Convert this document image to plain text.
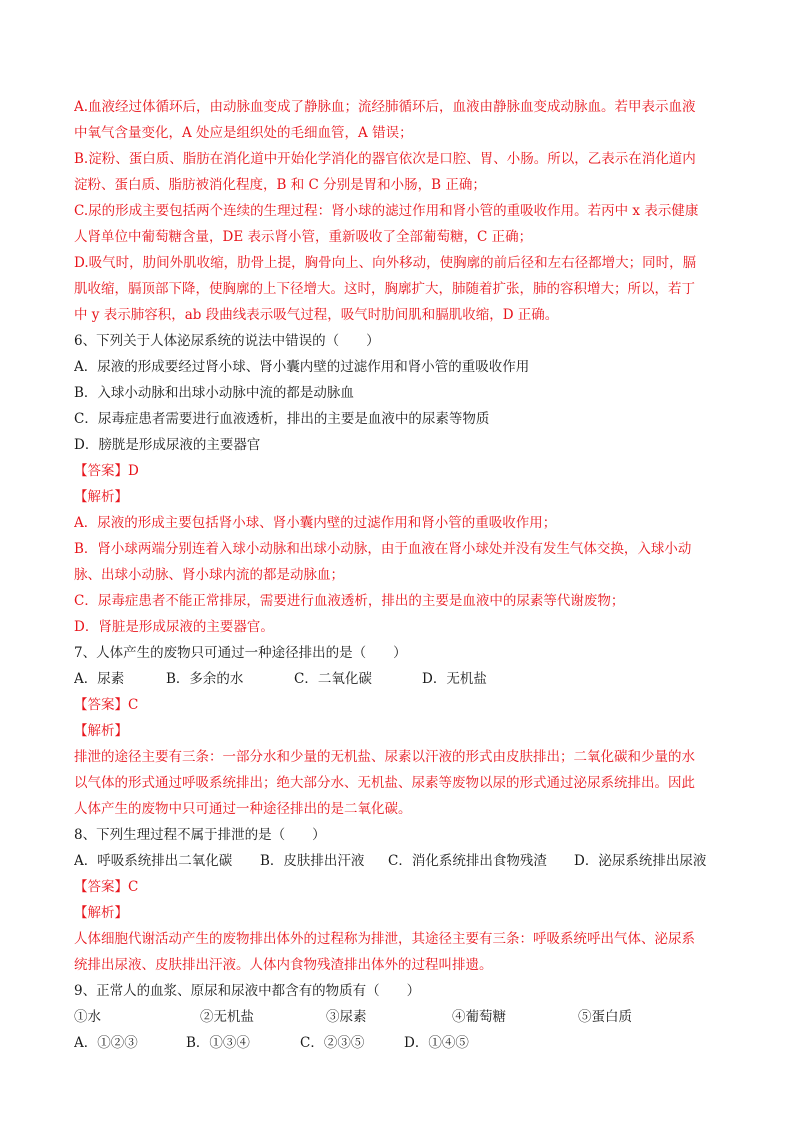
A.血液经过体循环后，由动脉血变成了静脉血；流经肺循环后，血液由静脉血变成动脉血。若甲表示血液
中氧气含量变化，A 处应是组织处的毛细血管，A 错误；
B.淀粉、蛋白质、脂肪在消化道中开始化学消化的器官依次是口腔、胃、小肠。所以，乙表示在消化道内
淀粉、蛋白质、脂肪被消化程度，B 和 C 分别是胃和小肠，B 正确；
C.尿的形成主要包括两个连续的生理过程：肾小球的滤过作用和肾小管的重吸收作用。若丙中 x 表示健康
人肾单位中葡萄糖含量，DE 表示肾小管，重新吸收了全部葡萄糖，C 正确；
D.吸气时，肋间外肌收缩，肋骨上提，胸骨向上、向外移动，使胸廓的前后径和左右径都增大；同时，膈
肌收缩，膈顶部下降，使胸廓的上下径增大。这时，胸廓扩大，肺随着扩张，肺的容积增大；所以，若丁
中 y 表示肺容积，ab 段曲线表示吸气过程，吸气时肋间肌和膈肌收缩，D 正确。
6、下列关于人体泌尿系统的说法中错误的（　　）
A．尿液的形成要经过肾小球、肾小囊内壁的过滤作用和肾小管的重吸收作用
B．入球小动脉和出球小动脉中流的都是动脉血
C．尿毒症患者需要进行血液透析，排出的主要是血液中的尿素等物质
D．膀胱是形成尿液的主要器官
【答案】D
【解析】
A．尿液的形成主要包括肾小球、肾小囊内壁的过滤作用和肾小管的重吸收作用；
B．肾小球两端分别连着入球小动脉和出球小动脉，由于血液在肾小球处并没有发生气体交换，入球小动
脉、出球小动脉、肾小球内流的都是动脉血；
C．尿毒症患者不能正常排尿，需要进行血液透析，排出的主要是血液中的尿素等代谢废物；
D．肾脏是形成尿液的主要器官。
7、人体产生的废物只可通过一种途径排出的是（　　）
A．尿素	B．多余的水	C．二氧化碳	D．无机盐
【答案】C
【解析】
排泄的途径主要有三条：一部分水和少量的无机盐、尿素以汗液的形式由皮肤排出；二氧化碳和少量的水
以气体的形式通过呼吸系统排出；绝大部分水、无机盐、尿素等废物以尿的形式通过泌尿系统排出。因此
人体产生的废物中只可通过一种途径排出的是二氧化碳。
8、下列生理过程不属于排泄的是（　　）
A．呼吸系统排出二氧化碳	B．皮肤排出汗液	C．消化系统排出食物残渣	D．泌尿系统排出尿液
【答案】C
【解析】
人体细胞代谢活动产生的废物排出体外的过程称为排泄，其途径主要有三条：呼吸系统呼出气体、泌尿系
统排出尿液、皮肤排出汗液。人体内食物残渣排出体外的过程叫排遗。
9、正常人的血浆、原尿和尿液中都含有的物质有（　　）
①水	②无机盐	③尿素	④葡萄糖	⑤蛋白质
A．①②③	B．①③④	C．②③⑤	D．①④⑤
